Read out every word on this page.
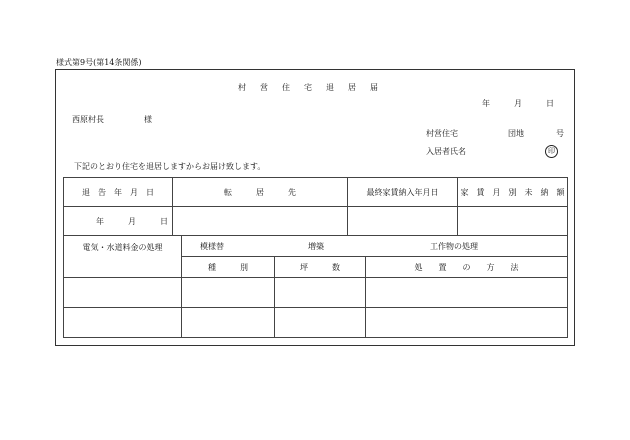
様式第9号(第14条関係)
村　営　住　宅　退　居　届
年　　　月　　　日
西原村長　　　　　様
村営住宅	団地　　　　号
入居者氏名	印
下記のとおり住宅を退居しますからお届け致します。
退　告　年　月　日	転　　　居　　　先	最終家賃納入年月日	家　賃　月　別　未　納　額
年　　　月　　　日			
電気・水道料金の処理	模様替 増築 工作物の処理		

	種　　　別	坪　　　数	処　　置　　の　　方　　法
